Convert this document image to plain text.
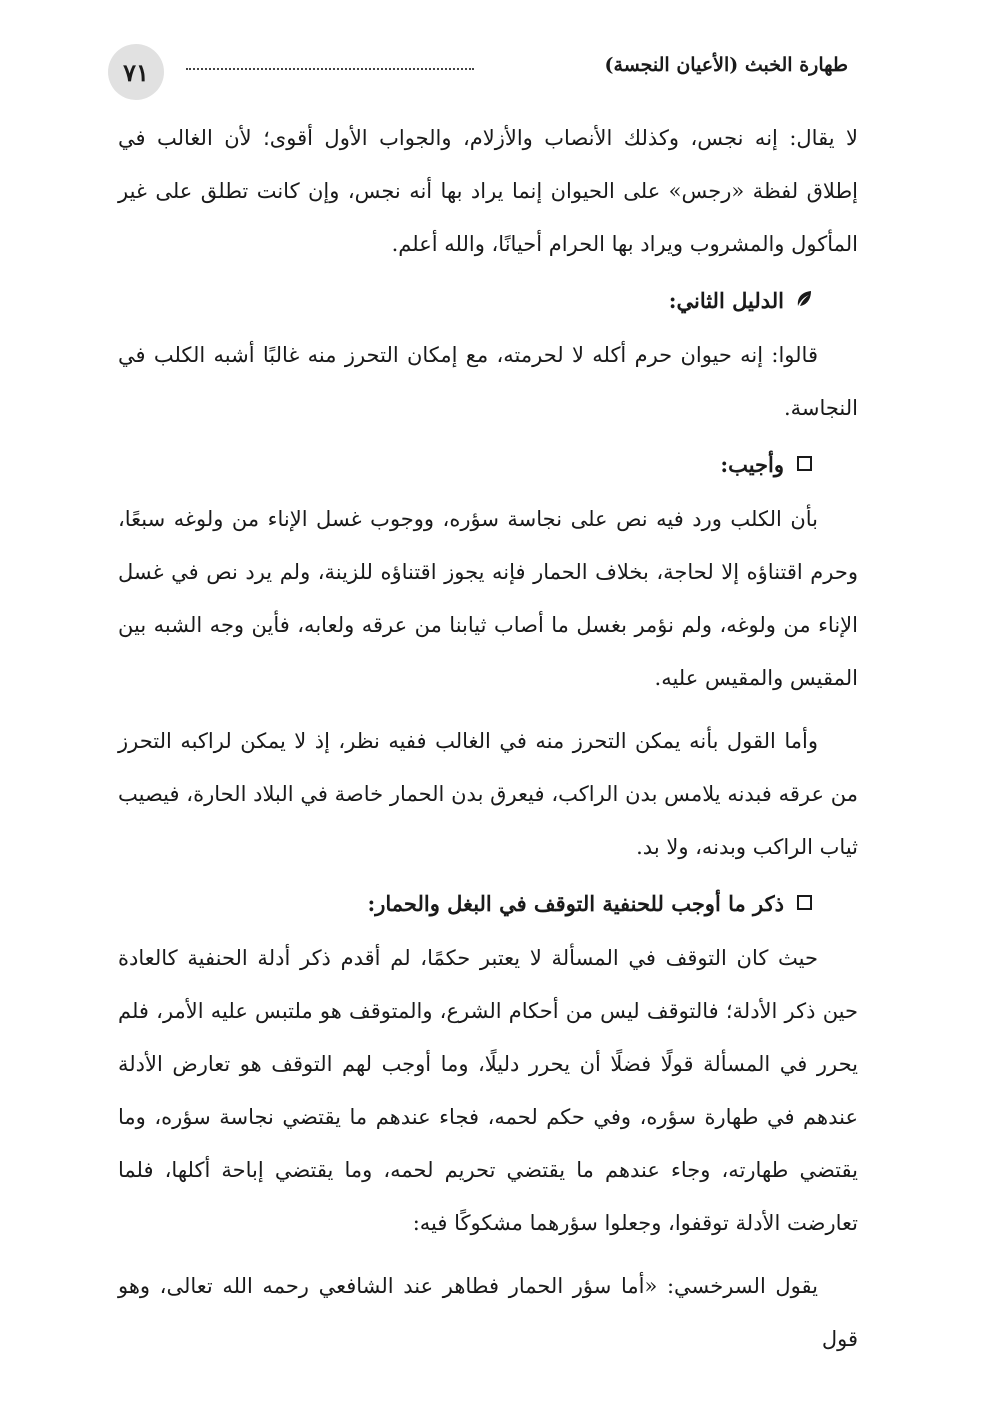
٧١	طهارة الخبث (الأعيان النجسة)

لا يقال: إنه نجس، وكذلك الأنصاب والأزلام، والجواب الأول أقوى؛ لأن الغالب في إطلاق لفظة «رجس» على الحيوان إنما يراد بها أنه نجس، وإن كانت تطلق على غير المأكول والمشروب ويراد بها الحرام أحيانًا، والله أعلم.

الدليل الثاني:

قالوا: إنه حيوان حرم أكله لا لحرمته، مع إمكان التحرز منه غالبًا أشبه الكلب في النجاسة.

وأجيب:

بأن الكلب ورد فيه نص على نجاسة سؤره، ووجوب غسل الإناء من ولوغه سبعًا، وحرم اقتناؤه إلا لحاجة، بخلاف الحمار فإنه يجوز اقتناؤه للزينة، ولم يرد نص في غسل الإناء من ولوغه، ولم نؤمر بغسل ما أصاب ثيابنا من عرقه ولعابه، فأين وجه الشبه بين المقيس والمقيس عليه.

وأما القول بأنه يمكن التحرز منه في الغالب ففيه نظر، إذ لا يمكن لراكبه التحرز من عرقه فبدنه يلامس بدن الراكب، فيعرق بدن الحمار خاصة في البلاد الحارة، فيصيب ثياب الراكب وبدنه، ولا بد.

ذكر ما أوجب للحنفية التوقف في البغل والحمار:

حيث كان التوقف في المسألة لا يعتبر حكمًا، لم أقدم ذكر أدلة الحنفية كالعادة حين ذكر الأدلة؛ فالتوقف ليس من أحكام الشرع، والمتوقف هو ملتبس عليه الأمر، فلم يحرر في المسألة قولًا فضلًا أن يحرر دليلًا، وما أوجب لهم التوقف هو تعارض الأدلة عندهم في طهارة سؤره، وفي حكم لحمه، فجاء عندهم ما يقتضي نجاسة سؤره، وما يقتضي طهارته، وجاء عندهم ما يقتضي تحريم لحمه، وما يقتضي إباحة أكلها، فلما تعارضت الأدلة توقفوا، وجعلوا سؤرهما مشكوكًا فيه:

يقول السرخسي: «أما سؤر الحمار فطاهر عند الشافعي رحمه الله تعالى، وهو قول
